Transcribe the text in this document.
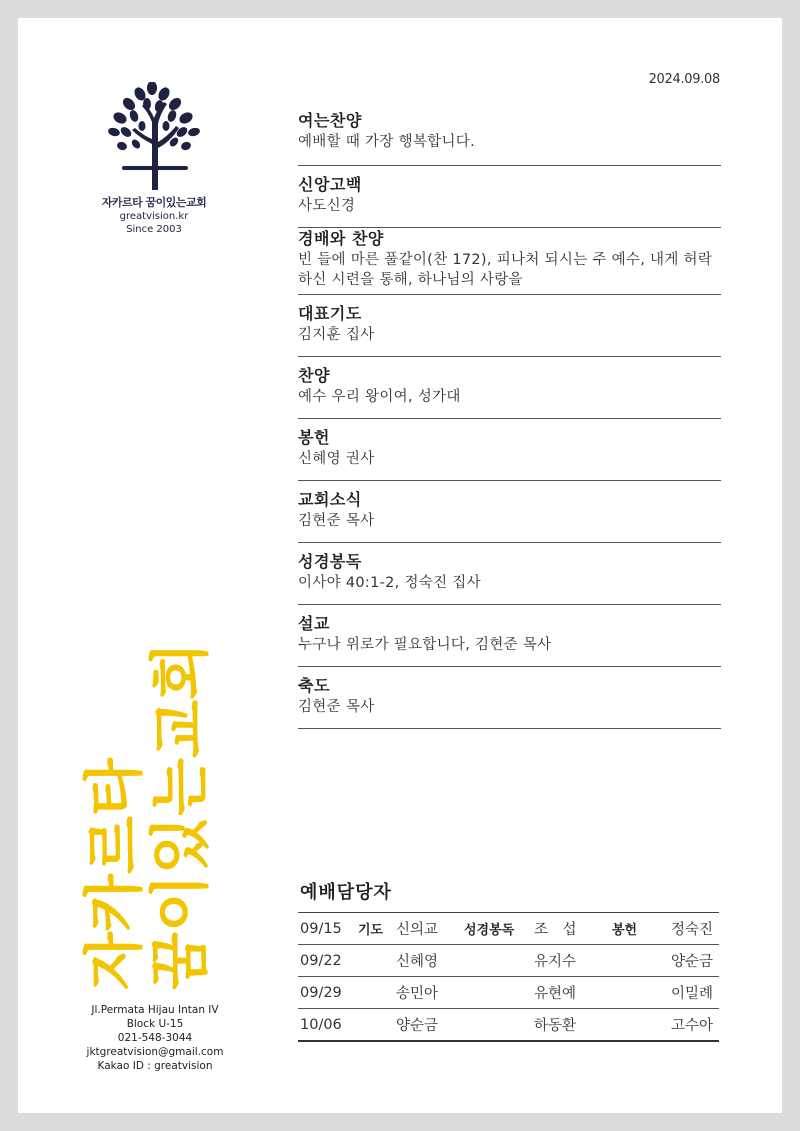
2024.09.08
자카르타 꿈이있는교회
greatvision.kr
Since 2003
타
르
카
자
회
교
는
있
이
꿈
Jl.Permata Hijau Intan IV
Block U-15
021-548-3044
jktgreatvision@gmail.com
Kakao ID : greatvision
여는찬양
예배할 때 가장 행복합니다.
신앙고백
사도신경
경배와 찬양
빈 들에 마른 풀같이(찬 172), 피나처 되시는 주 예수, 내게 허락하신 시련을 통해, 하나님의 사랑을
대표기도
김지훈 집사
찬양
예수 우리 왕이여, 성가대
봉헌
신혜영 권사
교회소식
김현준 목사
성경봉독
이사야 40:1-2, 정숙진 집사
설교
누구나 위로가 필요합니다, 김현준 목사
축도
김현준 목사
예배담당자
09/15	기도	신의교	성경봉독	조　섭	봉헌	정숙진
09/22		신혜영		유지수		양순금
09/29		송민아		유현예		이밀례
10/06		양순금		하동환		고수아
